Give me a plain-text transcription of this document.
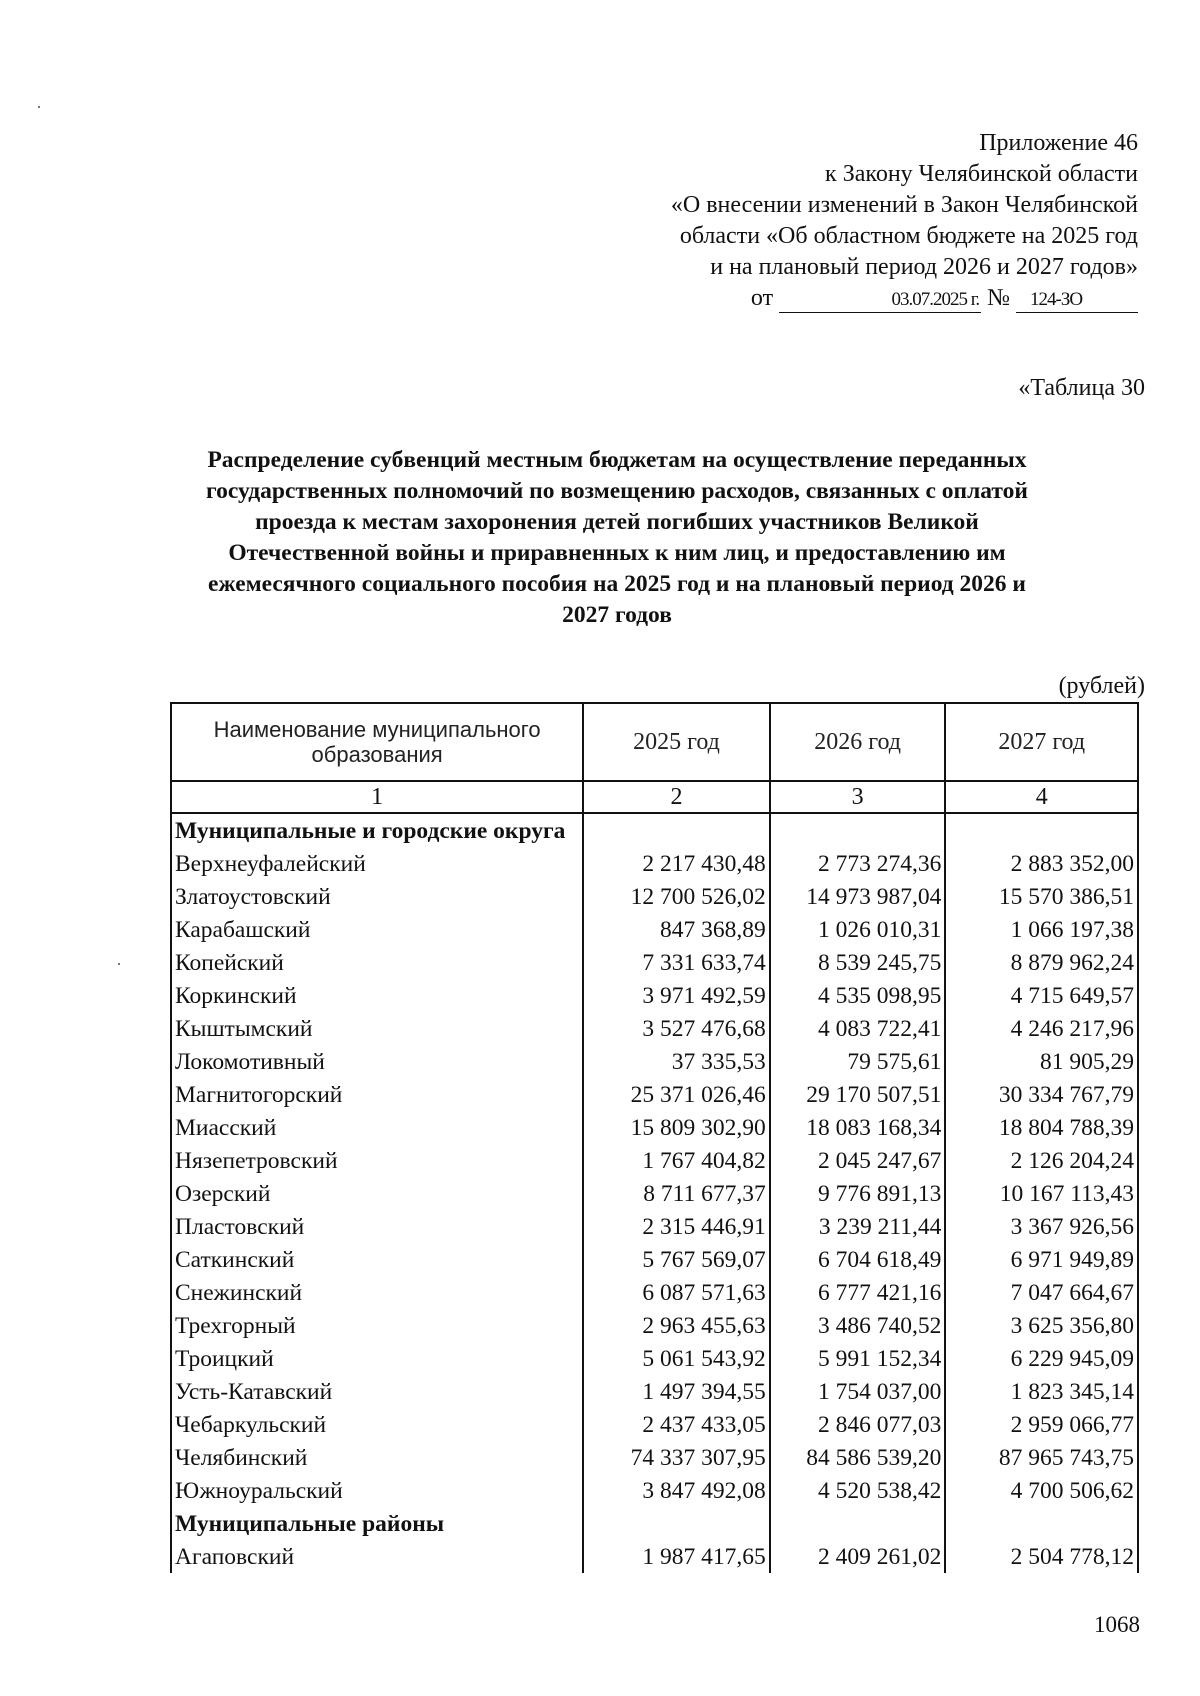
Приложение 46
к Закону Челябинской области
«О внесении изменений в Закон Челябинской
области «Об областном бюджете на 2025 год
и на плановый период 2026 и 2027 годов»
от	03.07.2025 г. № 124-ЗО
«Таблица 30
Распределение субвенций местным бюджетам на осуществление переданных
государственных полномочий по возмещению расходов, связанных с оплатой
проезда к местам захоронения детей погибших участников Великой
Отечественной войны и приравненных к ним лиц, и предоставлению им
ежемесячного социального пособия на 2025 год и на плановый период 2026 и
2027 годов
(рублей)
Наименование муниципального образования	2025 год	2026 год	2027 год
1	2	3	4
Муниципальные и городские округа			
Верхнеуфалейский	2 217 430,48	2 773 274,36	2 883 352,00
Златоустовский	12 700 526,02	14 973 987,04	15 570 386,51
Карабашский	847 368,89	1 026 010,31	1 066 197,38
Копейский	7 331 633,74	8 539 245,75	8 879 962,24
Коркинский	3 971 492,59	4 535 098,95	4 715 649,57
Кыштымский	3 527 476,68	4 083 722,41	4 246 217,96
Локомотивный	37 335,53	79 575,61	81 905,29
Магнитогорский	25 371 026,46	29 170 507,51	30 334 767,79
Миасский	15 809 302,90	18 083 168,34	18 804 788,39
Нязепетровский	1 767 404,82	2 045 247,67	2 126 204,24
Озерский	8 711 677,37	9 776 891,13	10 167 113,43
Пластовский	2 315 446,91	3 239 211,44	3 367 926,56
Саткинский	5 767 569,07	6 704 618,49	6 971 949,89
Снежинский	6 087 571,63	6 777 421,16	7 047 664,67
Трехгорный	2 963 455,63	3 486 740,52	3 625 356,80
Троицкий	5 061 543,92	5 991 152,34	6 229 945,09
Усть-Катавский	1 497 394,55	1 754 037,00	1 823 345,14
Чебаркульский	2 437 433,05	2 846 077,03	2 959 066,77
Челябинский	74 337 307,95	84 586 539,20	87 965 743,75
Южноуральский	3 847 492,08	4 520 538,42	4 700 506,62
Муниципальные районы			
Агаповский	1 987 417,65	2 409 261,02	2 504 778,12
1068
